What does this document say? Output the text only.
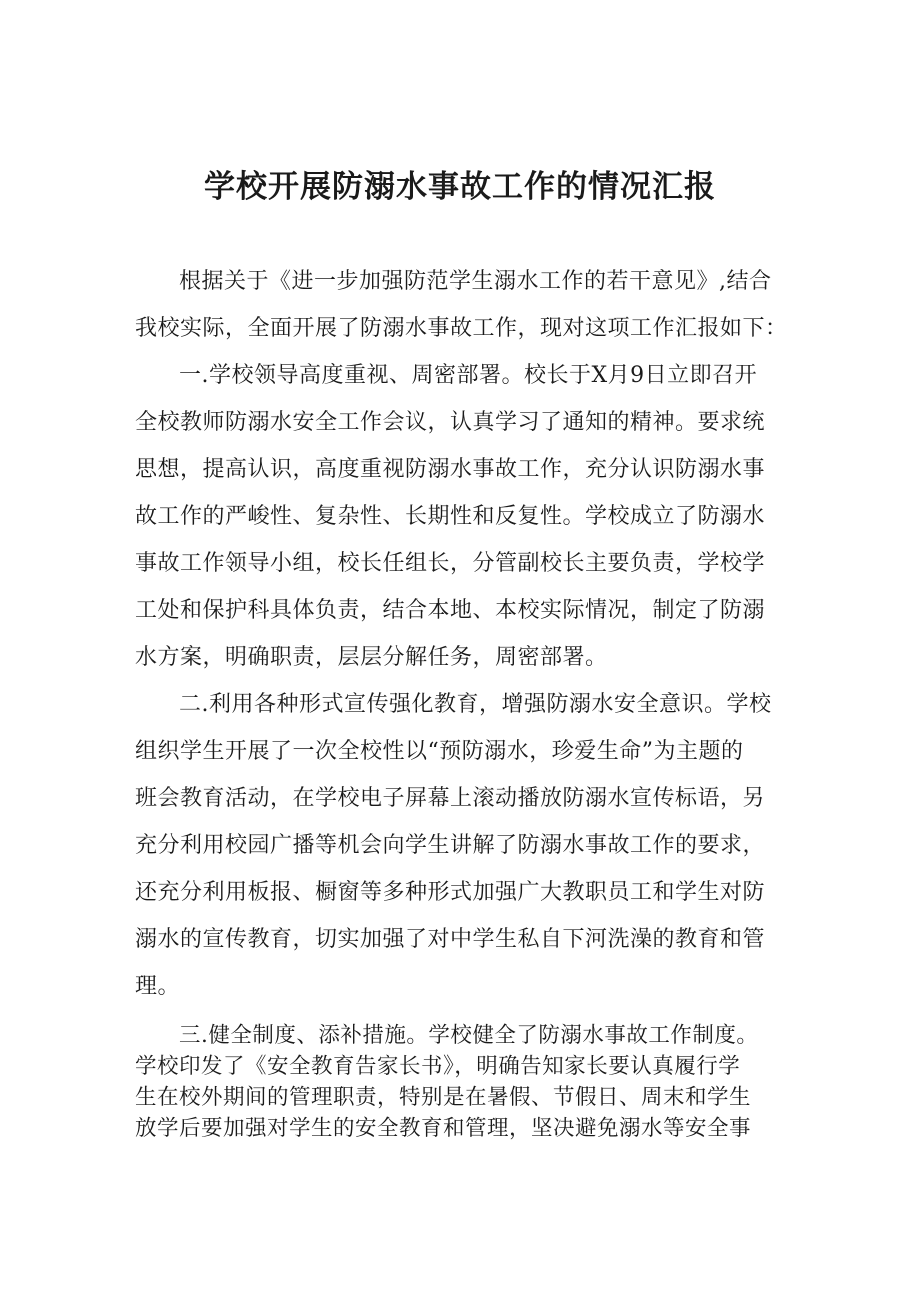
学校开展防溺水事故工作的情况汇报
根据关于《进一步加强防范学生溺水工作的若干意见》,结合
我校实际，全面开展了防溺水事故工作，现对这项工作汇报如下：
一.学校领导高度重视、周密部署。校长于X月9日立即召开
全校教师防溺水安全工作会议，认真学习了通知的精神。要求统
思想，提高认识，高度重视防溺水事故工作，充分认识防溺水事
故工作的严峻性、复杂性、长期性和反复性。学校成立了防溺水
事故工作领导小组，校长任组长，分管副校长主要负责，学校学
工处和保护科具体负责，结合本地、本校实际情况，制定了防溺
水方案，明确职责，层层分解任务，周密部署。
二.利用各种形式宣传强化教育，增强防溺水安全意识。学校
组织学生开展了一次全校性以“预防溺水，珍爱生命”为主题的
班会教育活动，在学校电子屏幕上滚动播放防溺水宣传标语，另
充分利用校园广播等机会向学生讲解了防溺水事故工作的要求，
还充分利用板报、橱窗等多种形式加强广大教职员工和学生对防
溺水的宣传教育，切实加强了对中学生私自下河洗澡的教育和管
理。
三.健全制度、添补措施。学校健全了防溺水事故工作制度。
学校印发了《安全教育告家长书》，明确告知家长要认真履行学
生在校外期间的管理职责，特别是在暑假、节假日、周末和学生
放学后要加强对学生的安全教育和管理，坚决避免溺水等安全事
